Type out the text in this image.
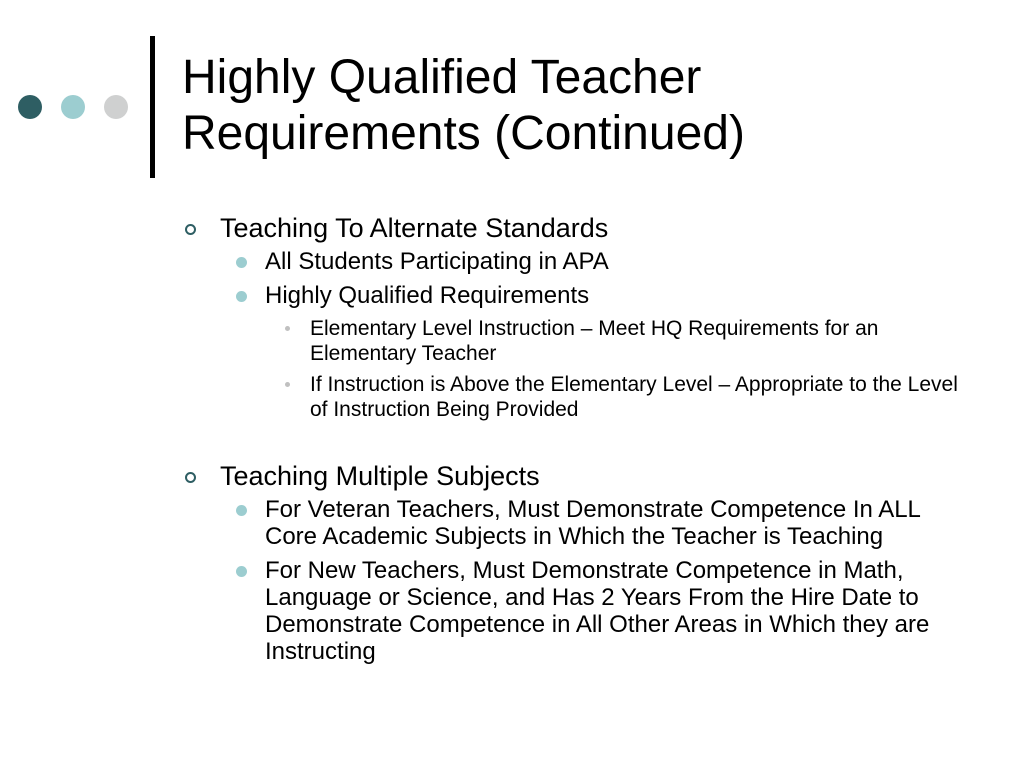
Highly Qualified Teacher
Requirements (Continued)
Teaching To Alternate Standards
All Students Participating in APA
Highly Qualified Requirements
Elementary Level Instruction – Meet HQ Requirements for an Elementary Teacher
If Instruction is Above the Elementary Level – Appropriate to the Level of Instruction Being Provided
Teaching Multiple Subjects
For Veteran Teachers, Must Demonstrate Competence In ALL Core Academic Subjects in Which the Teacher is Teaching
For New Teachers, Must Demonstrate Competence in Math, Language or Science, and Has 2 Years From the Hire Date to Demonstrate Competence in All Other Areas in Which they are Instructing
